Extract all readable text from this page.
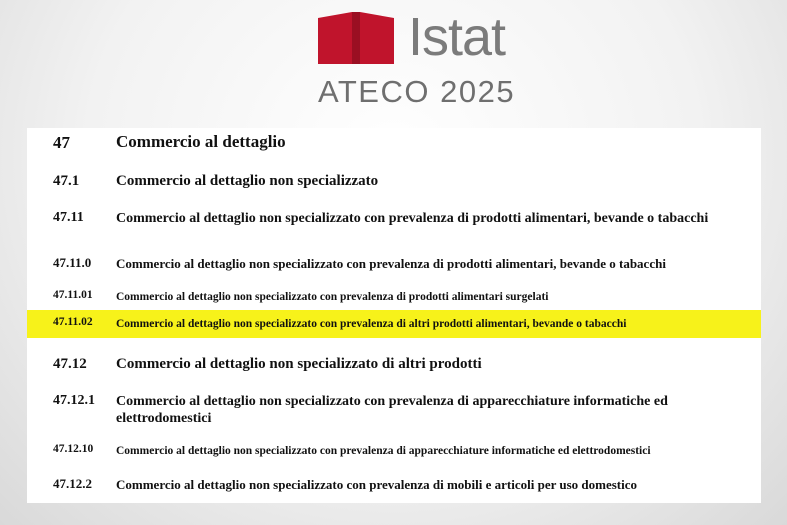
Istat
ATECO 2025
47	Commercio al dettaglio
47.1 Commercio al dettaglio non specializzato
47.11 Commercio al dettaglio non specializzato con prevalenza di prodotti alimentari, bevande o tabacchi
47.11.0 Commercio al dettaglio non specializzato con prevalenza di prodotti alimentari, bevande o tabacchi
47.11.01 Commercio al dettaglio non specializzato con prevalenza di prodotti alimentari surgelati
47.11.02 Commercio al dettaglio non specializzato con prevalenza di altri prodotti alimentari, bevande o tabacchi
47.12 Commercio al dettaglio non specializzato di altri prodotti
47.12.1 Commercio al dettaglio non specializzato con prevalenza di apparecchiature informatiche ed elettrodomestici
47.12.10 Commercio al dettaglio non specializzato con prevalenza di apparecchiature informatiche ed elettrodomestici
47.12.2 Commercio al dettaglio non specializzato con prevalenza di mobili e articoli per uso domestico
